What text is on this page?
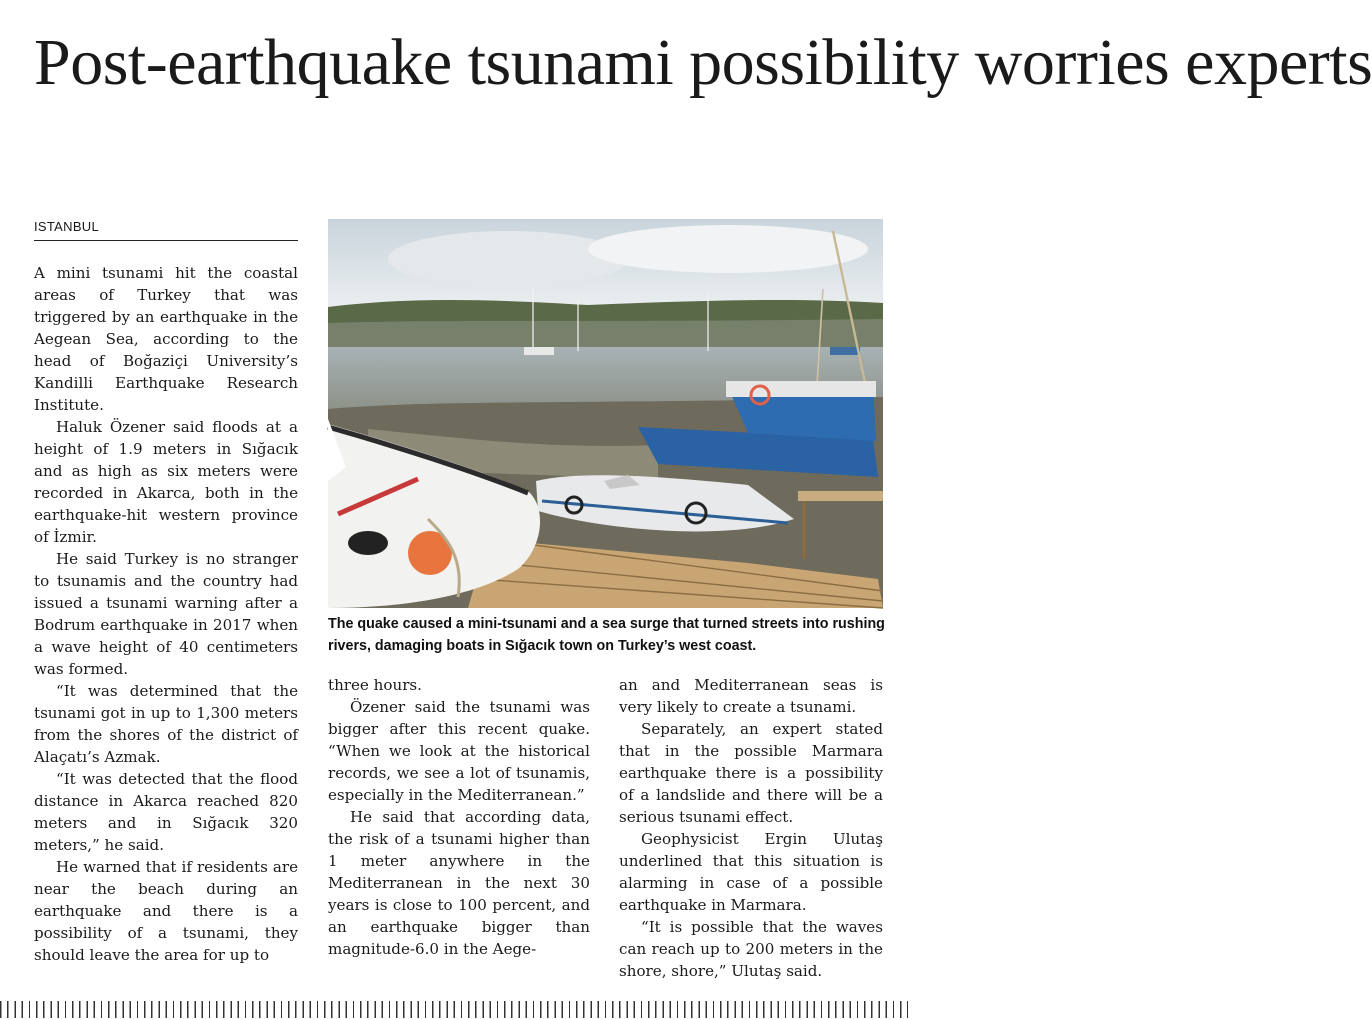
Post-earthquake tsunami possibility worries experts
ISTANBUL

A mini tsunami hit the coastal areas of Turkey that was triggered by an earthquake in the Aegean Sea, according to the head of Boğaziçi University’s Kandilli Earthquake Research Institute.

Haluk Özener said floods at a height of 1.9 meters in Sığacık and as high as six meters were recorded in Akarca, both in the earthquake-hit western province of İzmir.

He said Turkey is no stranger to tsunamis and the country had issued a tsunami warning after a Bodrum earthquake in 2017 when a wave height of 40 centimeters was formed.

“It was determined that the tsunami got in up to 1,300 meters from the shores of the district of Alaçatı’s Azmak.

“It was detected that the flood distance in Akarca reached 820 meters and in Sığacık 320 meters,” he said.

He warned that if residents are near the beach during an earthquake and there is a possibility of a tsunami, they should leave the area for up to

The quake caused a mini-tsunami and a sea surge that turned streets into rushing rivers, damaging boats in Sığacık town on Turkey’s west coast.

three hours.

Özener said the tsunami was bigger after this recent quake. “When we look at the historical records, we see a lot of tsunamis, especially in the Mediterranean.”

He said that according data, the risk of a tsunami higher than 1 meter anywhere in the Mediterranean in the next 30 years is close to 100 percent, and an earthquake bigger than magnitude-6.0 in the Aege-

an and Mediterranean seas is very likely to create a tsunami.

Separately, an expert stated that in the possible Marmara earthquake there is a possibility of a landslide and there will be a serious tsunami effect.

Geophysicist Ergin Ulutaş underlined that this situation is alarming in case of a possible earthquake in Marmara.

“It is possible that the waves can reach up to 200 meters in the shore, shore,” Ulutaş said.
